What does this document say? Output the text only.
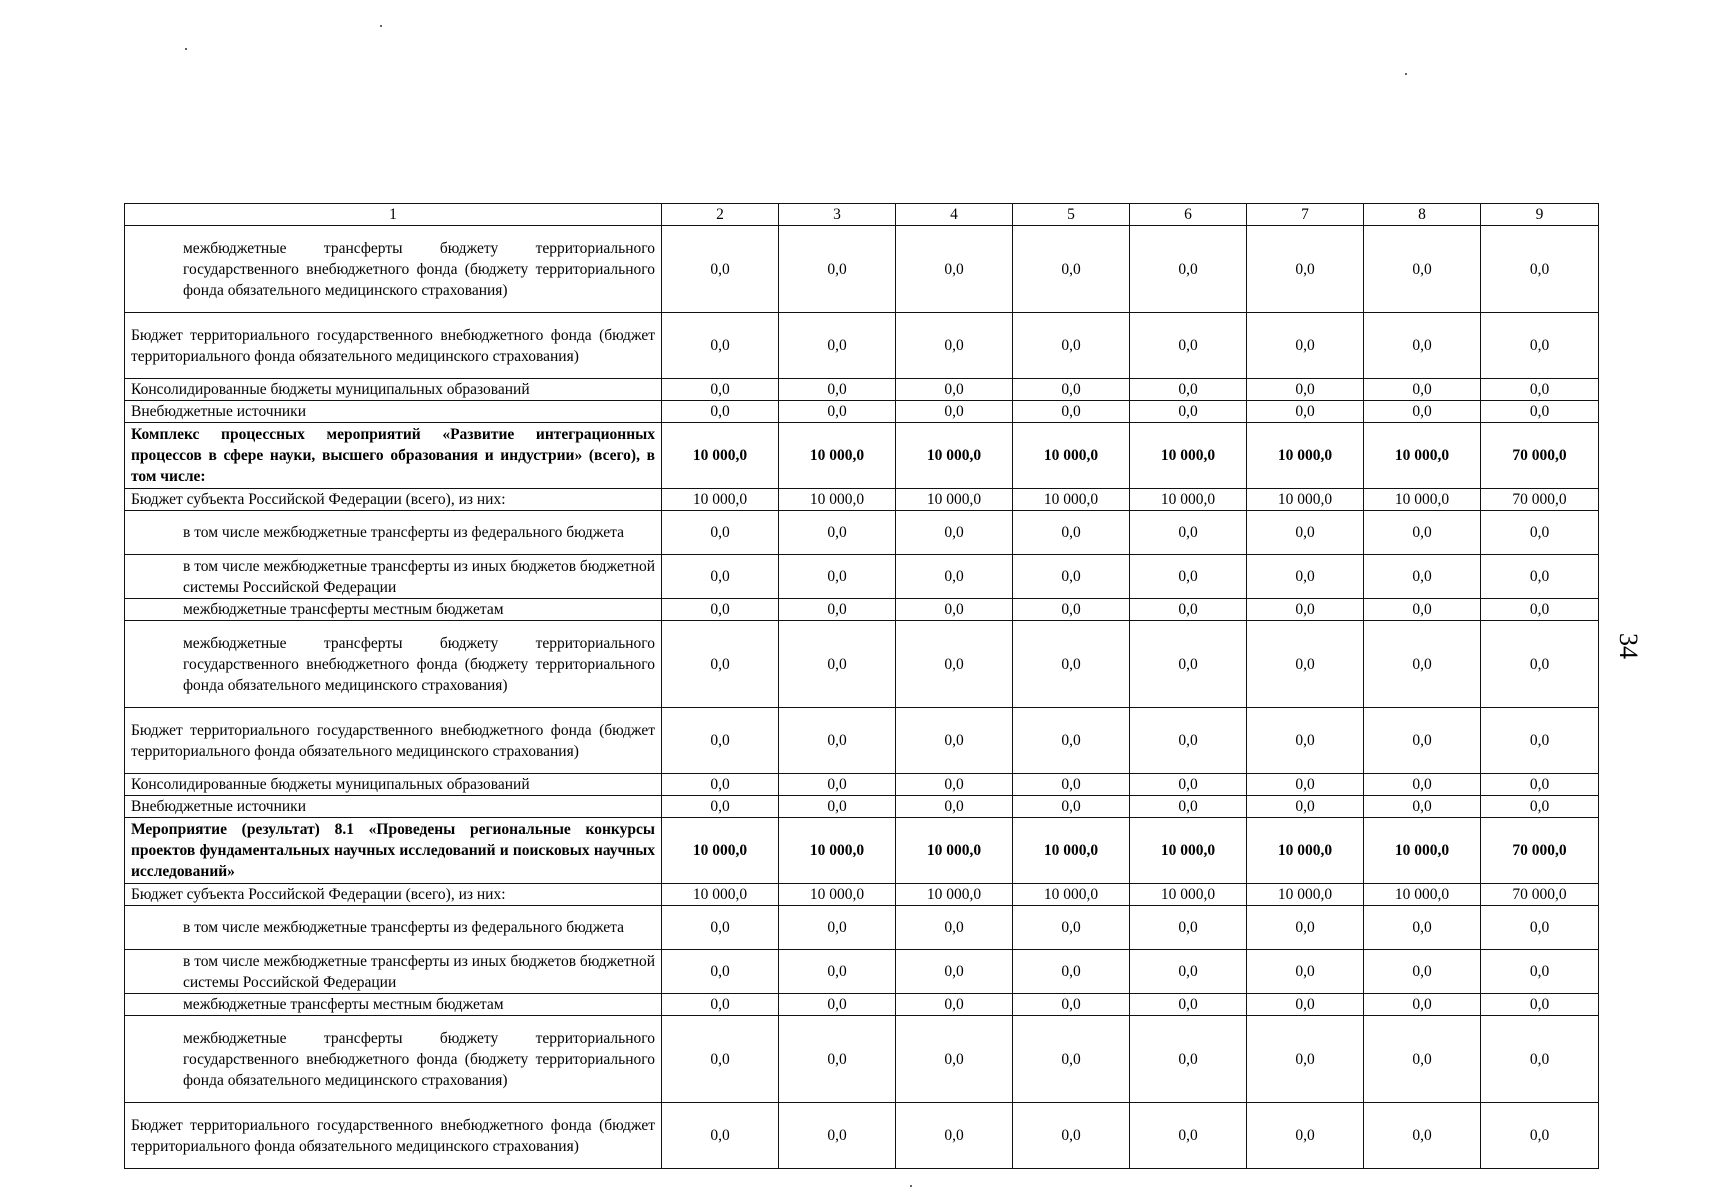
1	2	3	4	5	6	7	8	9
межбюджетные трансферты бюджету территориального государственного внебюджетного фонда (бюджету территориального фонда обязательного медицинского страхования)	0,0	0,0	0,0	0,0	0,0	0,0	0,0	0,0
Бюджет территориального государственного внебюджетного фонда (бюджет территориального фонда обязательного медицинского страхования)	0,0	0,0	0,0	0,0	0,0	0,0	0,0	0,0
Консолидированные бюджеты муниципальных образований	0,0	0,0	0,0	0,0	0,0	0,0	0,0	0,0
Внебюджетные источники	0,0	0,0	0,0	0,0	0,0	0,0	0,0	0,0
Комплекс процессных мероприятий «Развитие интеграционных процессов в сфере науки, высшего образования и индустрии» (всего), в том числе:	10 000,0	10 000,0	10 000,0	10 000,0	10 000,0	10 000,0	10 000,0	70 000,0
Бюджет субъекта Российской Федерации (всего), из них:	10 000,0	10 000,0	10 000,0	10 000,0	10 000,0	10 000,0	10 000,0	70 000,0
в том числе межбюджетные трансферты из федерального бюджета	0,0	0,0	0,0	0,0	0,0	0,0	0,0	0,0
в том числе межбюджетные трансферты из иных бюджетов бюджетной системы Российской Федерации	0,0	0,0	0,0	0,0	0,0	0,0	0,0	0,0
межбюджетные трансферты местным бюджетам	0,0	0,0	0,0	0,0	0,0	0,0	0,0	0,0
межбюджетные трансферты бюджету территориального государственного внебюджетного фонда (бюджету территориального фонда обязательного медицинского страхования)	0,0	0,0	0,0	0,0	0,0	0,0	0,0	0,0
Бюджет территориального государственного внебюджетного фонда (бюджет территориального фонда обязательного медицинского страхования)	0,0	0,0	0,0	0,0	0,0	0,0	0,0	0,0
Консолидированные бюджеты муниципальных образований	0,0	0,0	0,0	0,0	0,0	0,0	0,0	0,0
Внебюджетные источники	0,0	0,0	0,0	0,0	0,0	0,0	0,0	0,0
Мероприятие (результат) 8.1 «Проведены региональные конкурсы проектов фундаментальных научных исследований и поисковых научных исследований»	10 000,0	10 000,0	10 000,0	10 000,0	10 000,0	10 000,0	10 000,0	70 000,0
Бюджет субъекта Российской Федерации (всего), из них:	10 000,0	10 000,0	10 000,0	10 000,0	10 000,0	10 000,0	10 000,0	70 000,0
в том числе межбюджетные трансферты из федерального бюджета	0,0	0,0	0,0	0,0	0,0	0,0	0,0	0,0
в том числе межбюджетные трансферты из иных бюджетов бюджетной системы Российской Федерации	0,0	0,0	0,0	0,0	0,0	0,0	0,0	0,0
межбюджетные трансферты местным бюджетам	0,0	0,0	0,0	0,0	0,0	0,0	0,0	0,0
межбюджетные трансферты бюджету территориального государственного внебюджетного фонда (бюджету территориального фонда обязательного медицинского страхования)	0,0	0,0	0,0	0,0	0,0	0,0	0,0	0,0
Бюджет территориального государственного внебюджетного фонда (бюджет территориального фонда обязательного медицинского страхования)	0,0	0,0	0,0	0,0	0,0	0,0	0,0	0,0
34
